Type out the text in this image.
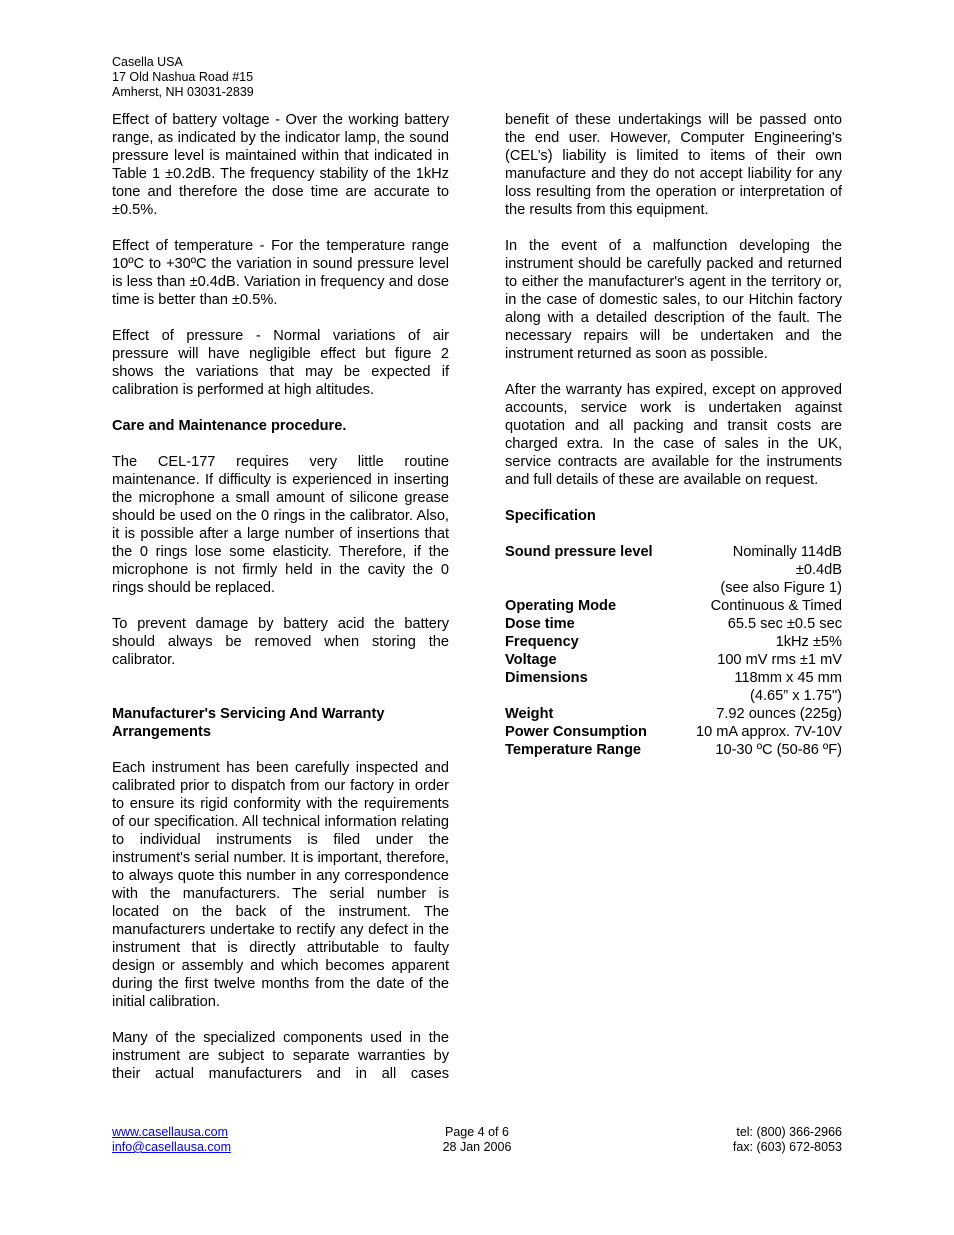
Casella USA
17 Old Nashua Road #15
Amherst, NH 03031-2839

Effect of battery voltage - Over the working battery range, as indicated by the indicator lamp, the sound pressure level is maintained within that indicated in Table 1 ±0.2dB. The frequency stability of the 1kHz tone and therefore the dose time are accurate to ±0.5%.

Effect of temperature - For the temperature range 10ºC to +30ºC the variation in sound pressure level is less than ±0.4dB. Variation in frequency and dose time is better than ±0.5%.

Effect of pressure - Normal variations of air pressure will have negligible effect but figure 2 shows the variations that may be expected if calibration is performed at high altitudes.

Care and Maintenance procedure.

The CEL-177 requires very little routine maintenance. If difficulty is experienced in inserting the microphone a small amount of silicone grease should be used on the 0 rings in the calibrator. Also, it is possible after a large number of insertions that the 0 rings lose some elasticity. Therefore, if the microphone is not firmly held in the cavity the 0 rings should be replaced.

To prevent damage by battery acid the battery should always be removed when storing the calibrator.

Manufacturer's Servicing And Warranty Arrangements

Each instrument has been carefully inspected and calibrated prior to dispatch from our factory in order to ensure its rigid conformity with the requirements of our specification. All technical information relating to individual instruments is filed under the instrument's serial number. It is important, therefore, to always quote this number in any correspondence with the manufacturers. The serial number is located on the back of the instrument. The manufacturers undertake to rectify any defect in the instrument that is directly attributable to faulty design or assembly and which becomes apparent during the first twelve months from the date of the initial calibration.

Many of the specialized components used in the instrument are subject to separate warranties by their actual manufacturers and in all cases

benefit of these undertakings will be passed onto the end user. However, Computer Engineering's (CEL’s) liability is limited to items of their own manufacture and they do not accept liability for any loss resulting from the operation or interpretation of the results from this equipment.

In the event of a malfunction developing the instrument should be carefully packed and returned to either the manufacturer's agent in the territory or, in the case of domestic sales, to our Hitchin factory along with a detailed description of the fault. The necessary repairs will be undertaken and the instrument returned as soon as possible.

After the warranty has expired, except on approved accounts, service work is undertaken against quotation and all packing and transit costs are charged extra. In the case of sales in the UK, service contracts are available for the instruments and full details of these are available on request.

Specification
Sound pressure level	Nominally 114dB
±0.4dB
(see also Figure 1)
Operating Mode	Continuous & Timed
Dose time	65.5 sec ±0.5 sec
Frequency	1kHz ±5%
Voltage	100 mV rms ±1 mV
Dimensions	118mm x 45 mm
(4.65” x 1.75")
Weight	7.92 ounces (225g)
Power Consumption	10 mA approx. 7V-10V
Temperature Range	10-30 ºC (50-86 ºF)
www.casellausa.com
info@casellausa.com
Page 4 of 6
28 Jan 2006
tel: (800) 366-2966
fax: (603) 672-8053
